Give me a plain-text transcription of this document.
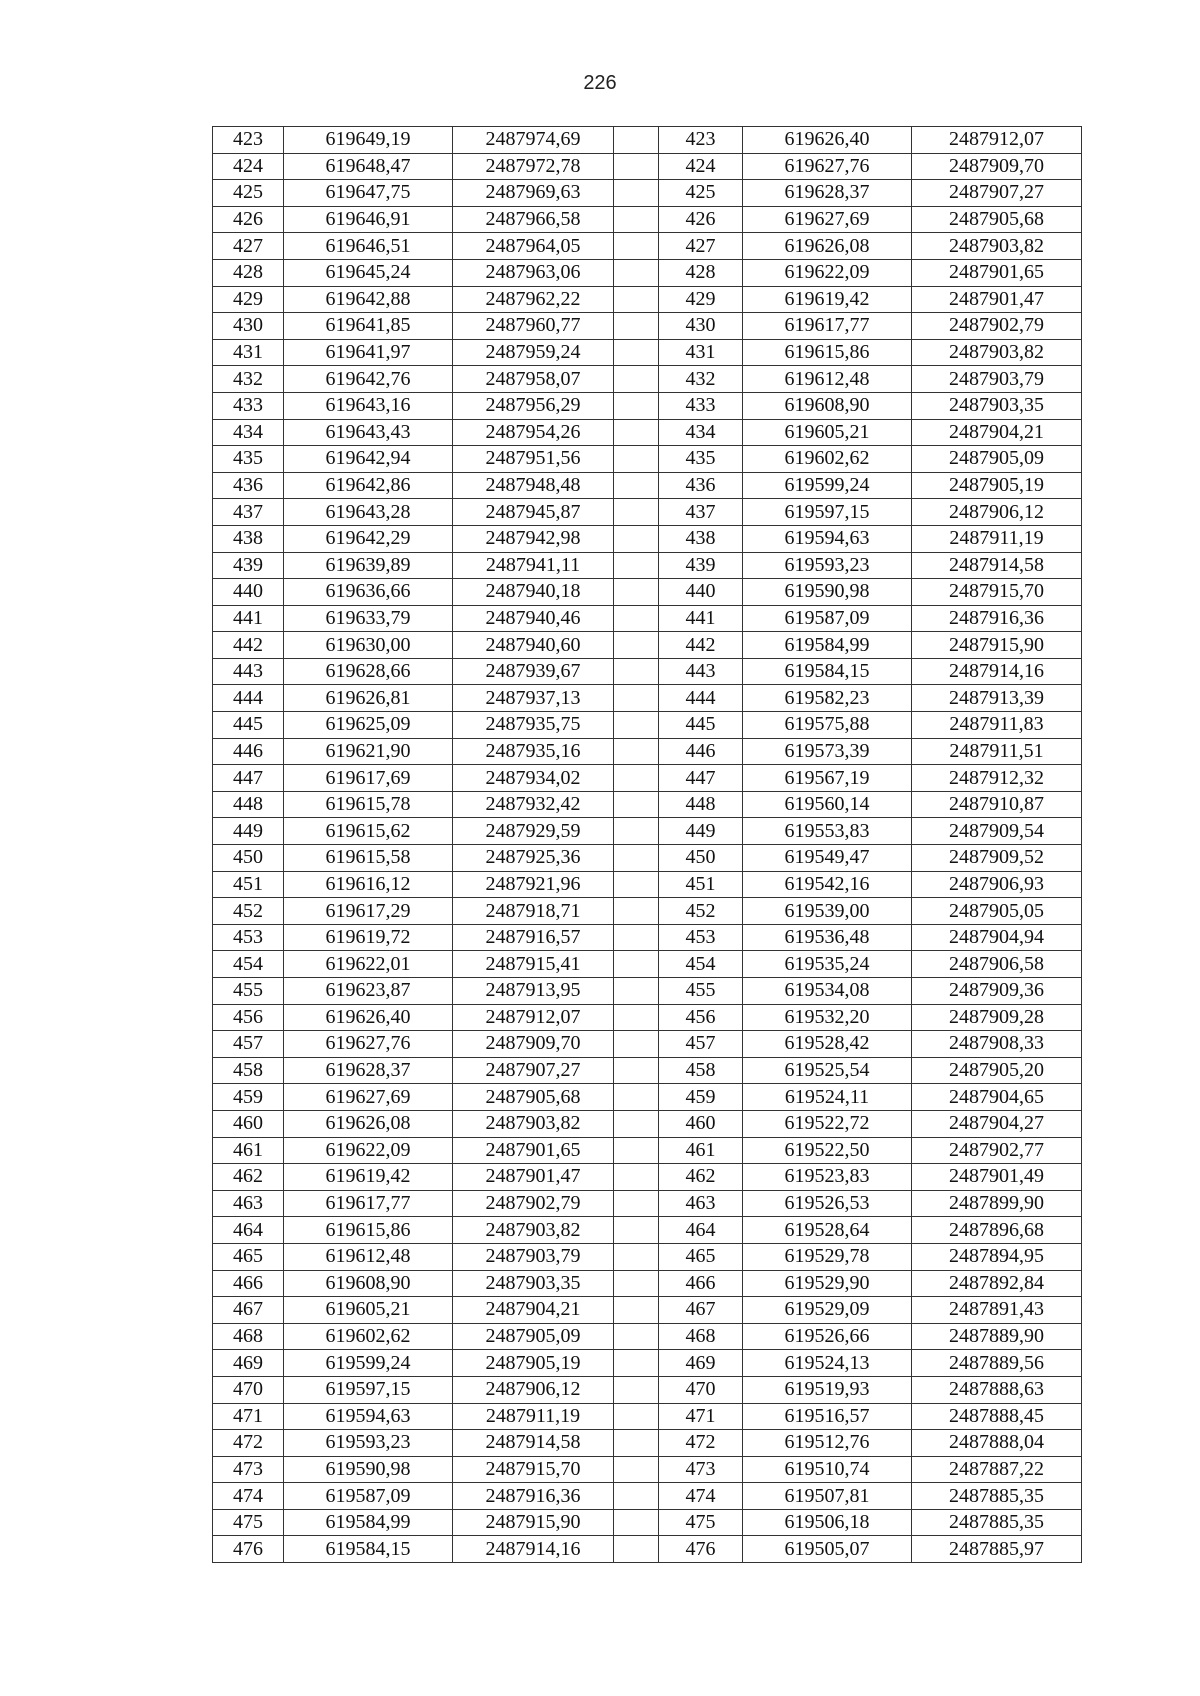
226
423	619649,19	2487974,69		423	619626,40	2487912,07
424	619648,47	2487972,78		424	619627,76	2487909,70
425	619647,75	2487969,63		425	619628,37	2487907,27
426	619646,91	2487966,58		426	619627,69	2487905,68
427	619646,51	2487964,05		427	619626,08	2487903,82
428	619645,24	2487963,06		428	619622,09	2487901,65
429	619642,88	2487962,22		429	619619,42	2487901,47
430	619641,85	2487960,77		430	619617,77	2487902,79
431	619641,97	2487959,24		431	619615,86	2487903,82
432	619642,76	2487958,07		432	619612,48	2487903,79
433	619643,16	2487956,29		433	619608,90	2487903,35
434	619643,43	2487954,26		434	619605,21	2487904,21
435	619642,94	2487951,56		435	619602,62	2487905,09
436	619642,86	2487948,48		436	619599,24	2487905,19
437	619643,28	2487945,87		437	619597,15	2487906,12
438	619642,29	2487942,98		438	619594,63	2487911,19
439	619639,89	2487941,11		439	619593,23	2487914,58
440	619636,66	2487940,18		440	619590,98	2487915,70
441	619633,79	2487940,46		441	619587,09	2487916,36
442	619630,00	2487940,60		442	619584,99	2487915,90
443	619628,66	2487939,67		443	619584,15	2487914,16
444	619626,81	2487937,13		444	619582,23	2487913,39
445	619625,09	2487935,75		445	619575,88	2487911,83
446	619621,90	2487935,16		446	619573,39	2487911,51
447	619617,69	2487934,02		447	619567,19	2487912,32
448	619615,78	2487932,42		448	619560,14	2487910,87
449	619615,62	2487929,59		449	619553,83	2487909,54
450	619615,58	2487925,36		450	619549,47	2487909,52
451	619616,12	2487921,96		451	619542,16	2487906,93
452	619617,29	2487918,71		452	619539,00	2487905,05
453	619619,72	2487916,57		453	619536,48	2487904,94
454	619622,01	2487915,41		454	619535,24	2487906,58
455	619623,87	2487913,95		455	619534,08	2487909,36
456	619626,40	2487912,07		456	619532,20	2487909,28
457	619627,76	2487909,70		457	619528,42	2487908,33
458	619628,37	2487907,27		458	619525,54	2487905,20
459	619627,69	2487905,68		459	619524,11	2487904,65
460	619626,08	2487903,82		460	619522,72	2487904,27
461	619622,09	2487901,65		461	619522,50	2487902,77
462	619619,42	2487901,47		462	619523,83	2487901,49
463	619617,77	2487902,79		463	619526,53	2487899,90
464	619615,86	2487903,82		464	619528,64	2487896,68
465	619612,48	2487903,79		465	619529,78	2487894,95
466	619608,90	2487903,35		466	619529,90	2487892,84
467	619605,21	2487904,21		467	619529,09	2487891,43
468	619602,62	2487905,09		468	619526,66	2487889,90
469	619599,24	2487905,19		469	619524,13	2487889,56
470	619597,15	2487906,12		470	619519,93	2487888,63
471	619594,63	2487911,19		471	619516,57	2487888,45
472	619593,23	2487914,58		472	619512,76	2487888,04
473	619590,98	2487915,70		473	619510,74	2487887,22
474	619587,09	2487916,36		474	619507,81	2487885,35
475	619584,99	2487915,90		475	619506,18	2487885,35
476	619584,15	2487914,16		476	619505,07	2487885,97
